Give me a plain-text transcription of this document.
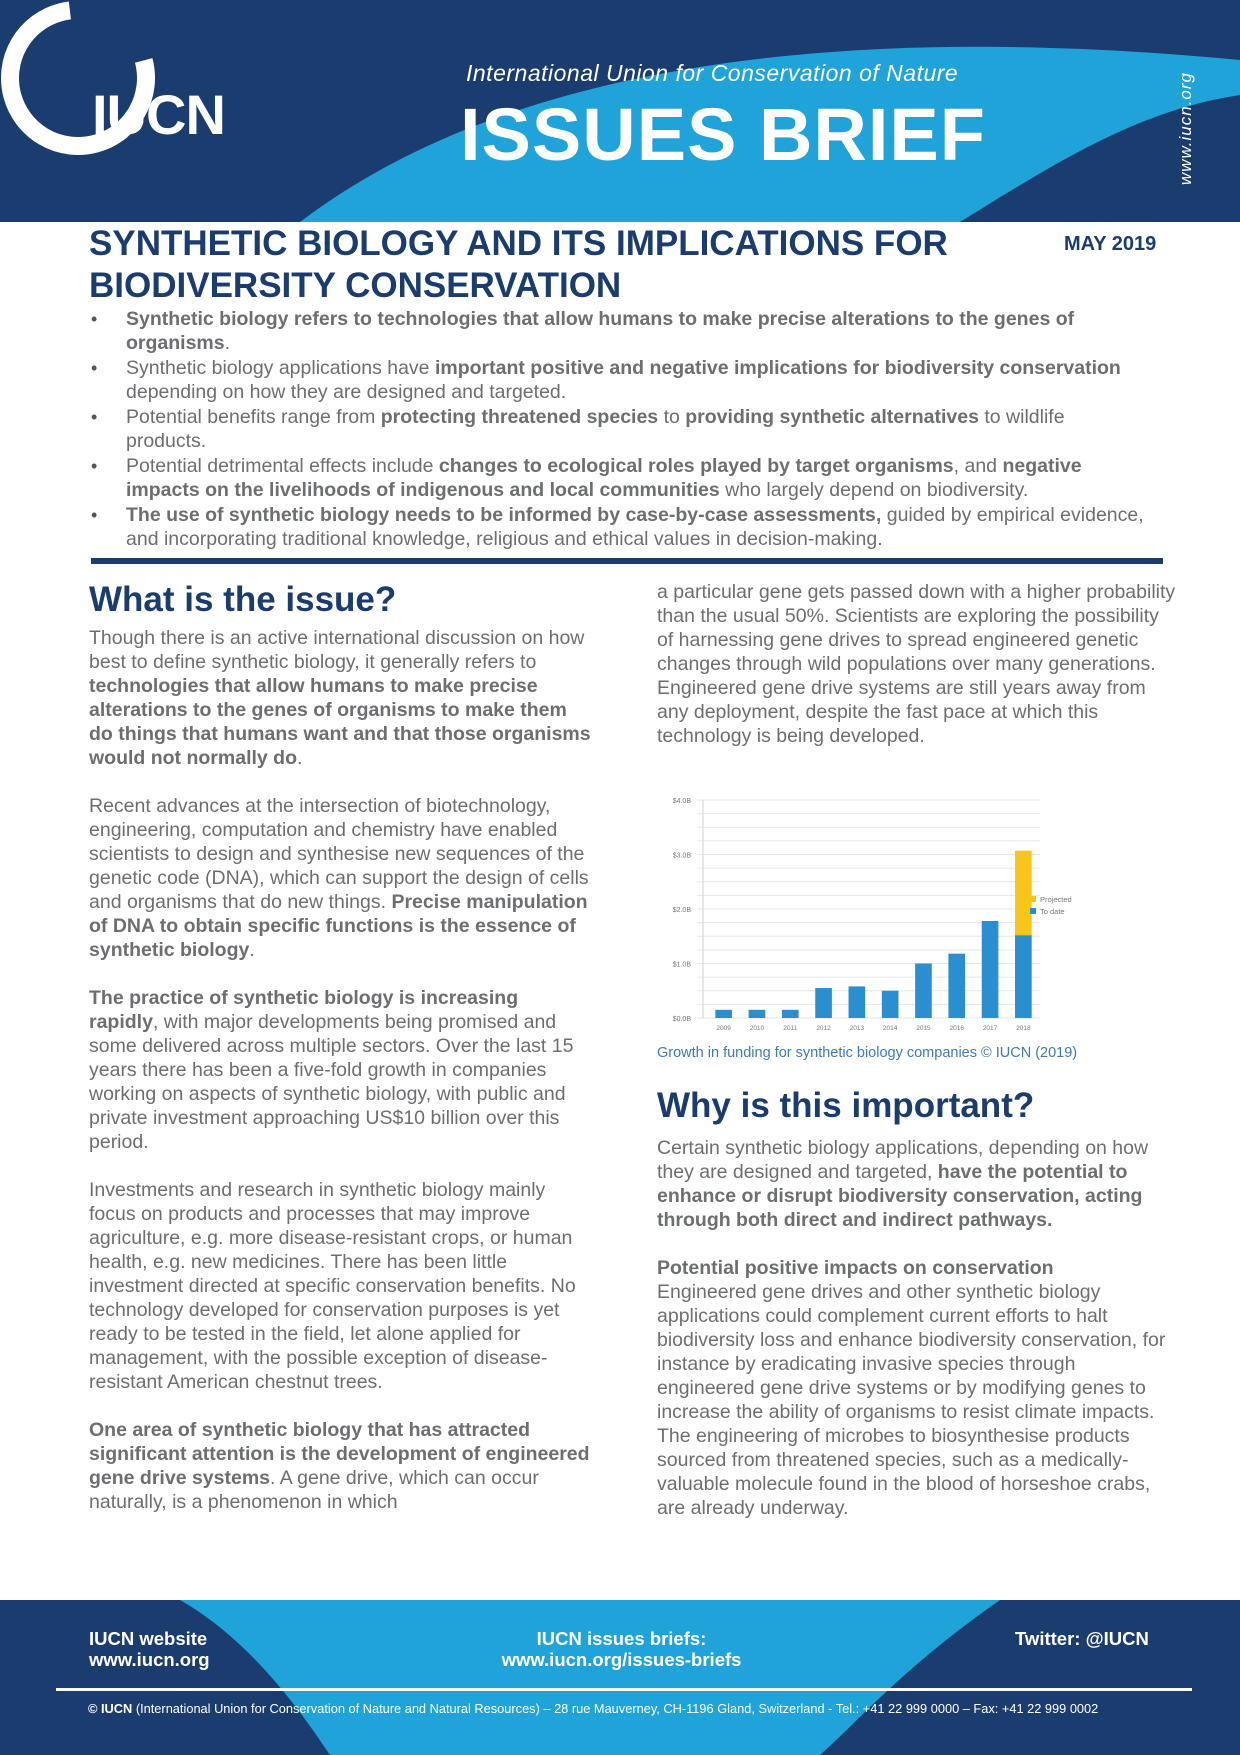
IUCN
International Union for Conservation of Nature
ISSUES BRIEF	www.iucn.org
SYNTHETIC BIOLOGY AND ITS IMPLICATIONS FOR
BIODIVERSITY CONSERVATION
MAY 2019
• Synthetic biology refers to technologies that allow humans to make precise alterations to the genes of organisms.
• Synthetic biology applications have important positive and negative implications for biodiversity conservation depending on how they are designed and targeted.
• Potential benefits range from protecting threatened species to providing synthetic alternatives to wildlife products.
• Potential detrimental effects include changes to ecological roles played by target organisms, and negative impacts on the livelihoods of indigenous and local communities who largely depend on biodiversity.
• The use of synthetic biology needs to be informed by case-by-case assessments, guided by empirical evidence, and incorporating traditional knowledge, religious and ethical values in decision-making.
What is the issue?

Though there is an active international discussion on how best to define synthetic biology, it generally refers to technologies that allow humans to make precise alterations to the genes of organisms to make them do things that humans want and that those organisms would not normally do.

Recent advances at the intersection of biotechnology, engineering, computation and chemistry have enabled scientists to design and synthesise new sequences of the genetic code (DNA), which can support the design of cells and organisms that do new things. Precise manipulation of DNA to obtain specific functions is the essence of synthetic biology.

The practice of synthetic biology is increasing rapidly, with major developments being promised and some delivered across multiple sectors. Over the last 15 years there has been a five-fold growth in companies working on aspects of synthetic biology, with public and private investment approaching US$10 billion over this period.

Investments and research in synthetic biology mainly focus on products and processes that may improve agriculture, e.g. more disease-resistant crops, or human health, e.g. new medicines. There has been little investment directed at specific conservation benefits. No technology developed for conservation purposes is yet ready to be tested in the field, let alone applied for management, with the possible exception of disease-resistant American chestnut trees.

One area of synthetic biology that has attracted significant attention is the development of engineered gene drive systems. A gene drive, which can occur naturally, is a phenomenon in which

a particular gene gets passed down with a higher probability than the usual 50%. Scientists are exploring the possibility of harnessing gene drives to spread engineered genetic changes through wild populations over many generations. Engineered gene drive systems are still years away from any deployment, despite the fast pace at which this technology is being developed.

$0.0B
$1.0B
$2.0B
$3.0B
$4.0B
2009	2010	2011	2012	2013	2014	2015	2016	2017	2018
Projected
To date
Growth in funding for synthetic biology companies © IUCN (2019)
Why is this important?

Certain synthetic biology applications, depending on how they are designed and targeted, have the potential to enhance or disrupt biodiversity conservation, acting through both direct and indirect pathways.

Potential positive impacts on conservation

Engineered gene drives and other synthetic biology applications could complement current efforts to halt biodiversity loss and enhance biodiversity conservation, for instance by eradicating invasive species through engineered gene drive systems or by modifying genes to increase the ability of organisms to resist climate impacts. The engineering of microbes to biosynthesise products sourced from threatened species, such as a medically-valuable molecule found in the blood of horseshoe crabs, are already underway.

IUCN website
www.iucn.org
IUCN issues briefs:
www.iucn.org/issues-briefs
Twitter: @IUCN
© IUCN (International Union for Conservation of Nature and Natural Resources) – 28 rue Mauverney, CH-1196 Gland, Switzerland - Tel.: +41 22 999 0000 – Fax: +41 22 999 0002
